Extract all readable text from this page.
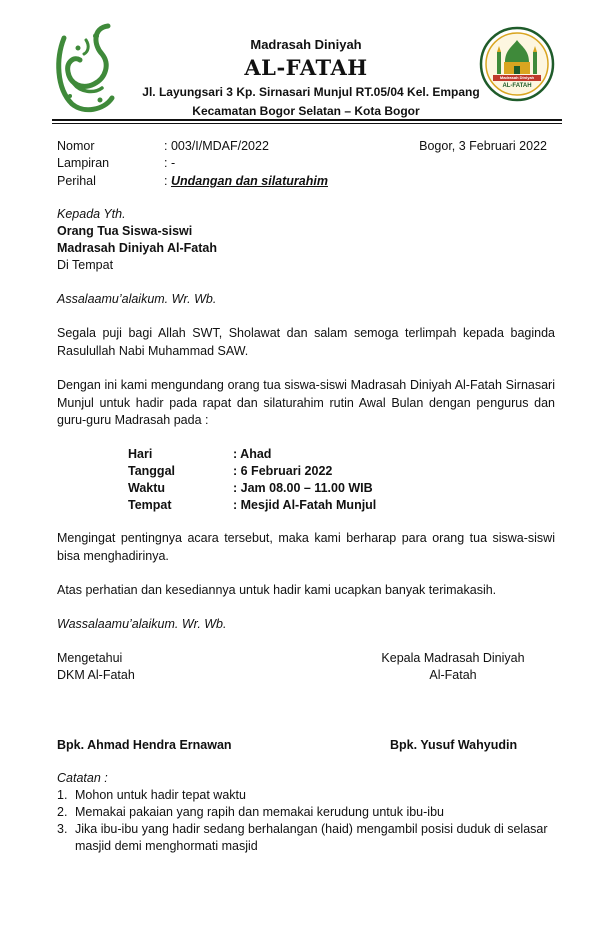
Madrasah Diniyah
AL-FATAH
Jl. Layungsari 3 Kp. Sirnasari Munjul RT.05/04 Kel. Empang
Kecamatan Bogor Selatan – Kota Bogor
Madrasah Diniyah
AL-FATAH
Nomor	: 003/I/MDAF/2022	Bogor, 3 Februari 2022
Lampiran	: -
Perihal	: Undangan dan silaturahim
Kepada Yth.
Orang Tua Siswa-siswi
Madrasah Diniyah Al-Fatah
Di Tempat
Assalaamu’alaikum. Wr. Wb.
Segala puji bagi Allah SWT, Sholawat dan salam semoga terlimpah kepada baginda
Rasulullah Nabi Muhammad SAW.
Dengan ini kami mengundang orang tua siswa-siswi Madrasah Diniyah Al-Fatah Sirnasari
Munjul untuk hadir pada rapat dan silaturahim rutin Awal Bulan dengan pengurus dan
guru-guru Madrasah pada :
Hari	: Ahad
Tanggal	: 6 Februari 2022
Waktu	: Jam 08.00 – 11.00 WIB
Tempat	: Mesjid Al-Fatah Munjul
Mengingat pentingnya acara tersebut, maka kami berharap para orang tua siswa-siswi
bisa menghadirinya.
Atas perhatian dan kesediannya untuk hadir kami ucapkan banyak terimakasih.
Wassalaamu’alaikum. Wr. Wb.
Mengetahui
DKM Al-Fatah
Kepala Madrasah Diniyah
Al-Fatah
Bpk. Ahmad Hendra Ernawan	Bpk. Yusuf Wahyudin
Catatan :
1. Mohon untuk hadir tepat waktu
2. Memakai pakaian yang rapih dan memakai kerudung untuk ibu-ibu
3. Jika ibu-ibu yang hadir sedang berhalangan (haid) mengambil posisi duduk di selasar
masjid demi menghormati masjid
